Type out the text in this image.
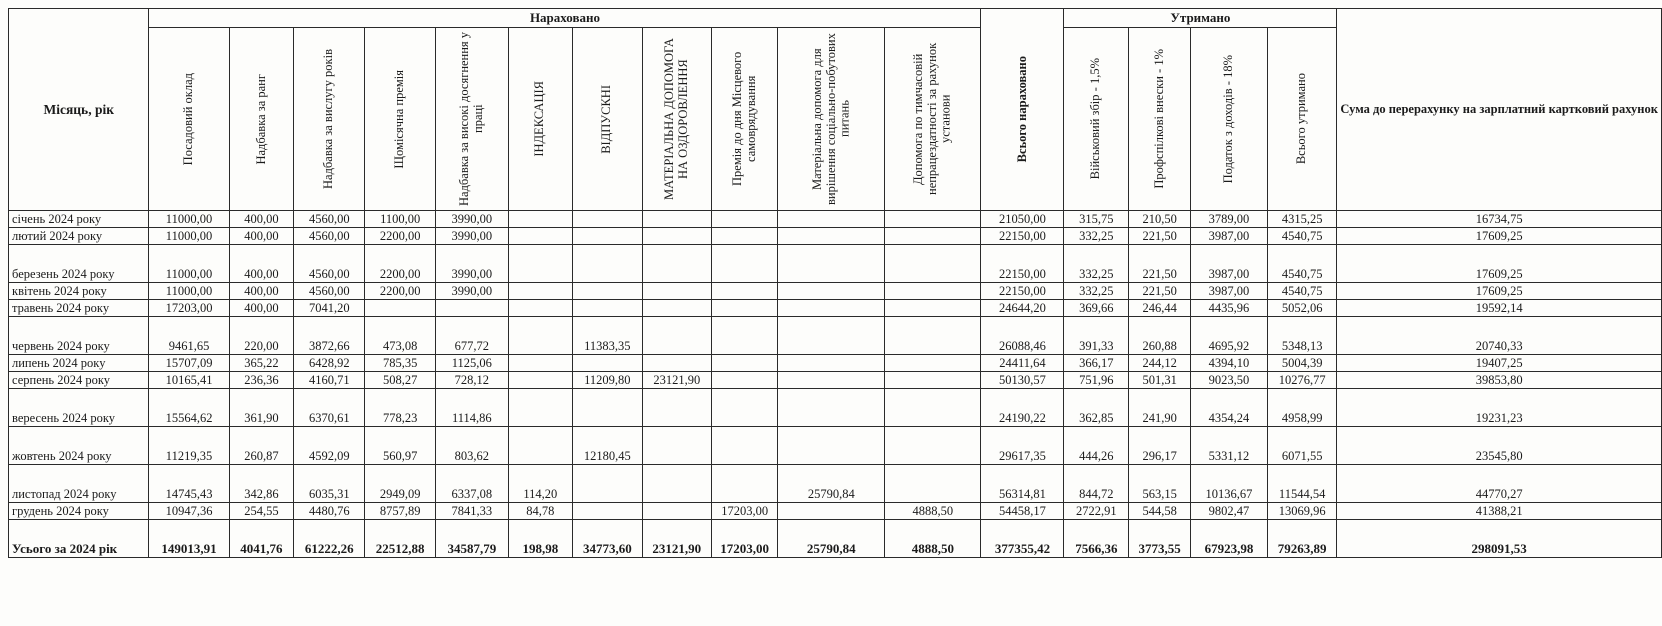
Місяць, рік	Нараховано											Всього нараховано	Утримано				Сума до перерахунку на зарплатний картковий рахунок

	Посадовий оклад	Надбавка за ранг	Надбавка за вислугу років	Щомісячна премія	Надбавка за високі досягнення у праці	ІНДЕКСАЦІЯ	ВІДПУСКНІ	МАТЕРІАЛЬНА ДОПОМОГА НА ОЗДОРОВЛЕННЯ	Премія до дня Місцевого самоврядування	Матеріальна допомога для вирішення соціально-побутових питань	Допомога по тимчасовій непрацездатності за рахунок установи		Військовий збір - 1,5%	Профспілкові внески - 1%	Податок з доходів - 18%	Всього утримано	

січень 2024 року	11000,00	400,00	4560,00	1100,00	3990,00							21050,00	315,75	210,50	3789,00	4315,25	16734,75
лютий 2024 року	11000,00	400,00	4560,00	2200,00	3990,00							22150,00	332,25	221,50	3987,00	4540,75	17609,25
березень 2024 року	11000,00	400,00	4560,00	2200,00	3990,00							22150,00	332,25	221,50	3987,00	4540,75	17609,25
квітень 2024 року	11000,00	400,00	4560,00	2200,00	3990,00							22150,00	332,25	221,50	3987,00	4540,75	17609,25
травень 2024 року	17203,00	400,00	7041,20									24644,20	369,66	246,44	4435,96	5052,06	19592,14
червень 2024 року	9461,65	220,00	3872,66	473,08	677,72		11383,35					26088,46	391,33	260,88	4695,92	5348,13	20740,33
липень 2024 року	15707,09	365,22	6428,92	785,35	1125,06							24411,64	366,17	244,12	4394,10	5004,39	19407,25
серпень 2024 року	10165,41	236,36	4160,71	508,27	728,12		11209,80	23121,90				50130,57	751,96	501,31	9023,50	10276,77	39853,80
вересень 2024 року	15564,62	361,90	6370,61	778,23	1114,86							24190,22	362,85	241,90	4354,24	4958,99	19231,23
жовтень 2024 року	11219,35	260,87	4592,09	560,97	803,62		12180,45					29617,35	444,26	296,17	5331,12	6071,55	23545,80
листопад 2024 року	14745,43	342,86	6035,31	2949,09	6337,08	114,20				25790,84		56314,81	844,72	563,15	10136,67	11544,54	44770,27
грудень 2024 року	10947,36	254,55	4480,76	8757,89	7841,33	84,78			17203,00		4888,50	54458,17	2722,91	544,58	9802,47	13069,96	41388,21
Усього за 2024 рік	149013,91	4041,76	61222,26	22512,88	34587,79	198,98	34773,60	23121,90	17203,00	25790,84	4888,50	377355,42	7566,36	3773,55	67923,98	79263,89	298091,53
